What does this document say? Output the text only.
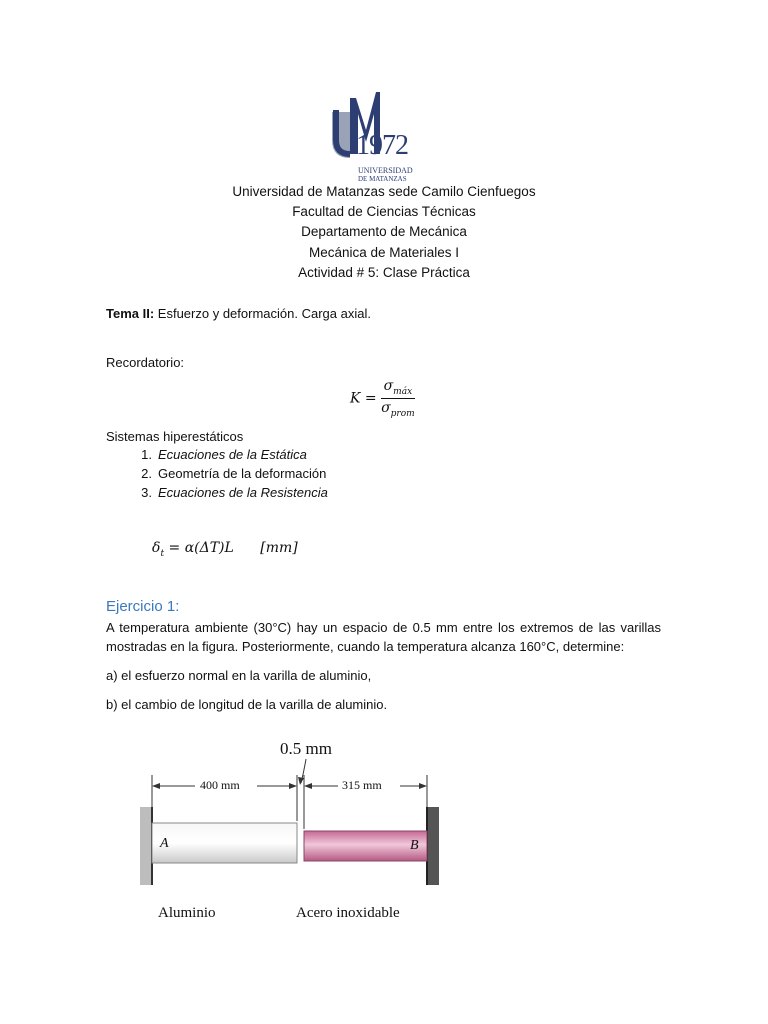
1972
UNIVERSIDAD
DE MATANZAS
Universidad de Matanzas sede Camilo Cienfuegos
Facultad de Ciencias Técnicas
Departamento de Mecánica
Mecánica de Materiales I
Actividad # 5: Clase Práctica
Tema II: Esfuerzo y deformación. Carga axial.
Recordatorio:
$K = \frac{\sigma_{máx}}{\sigma_{prom}}$
Sistemas hiperestáticos
1. Ecuaciones de la Estática
2. Geometría de la deformación
3. Ecuaciones de la Resistencia
$\delta_t = \alpha(\Delta T)L$ [mm]
Ejercicio 1:
A temperatura ambiente (30°C) hay un espacio de 0.5 mm entre los extremos de las varillas mostradas en la figura. Posteriormente, cuando la temperatura alcanza 160°C, determine:
a) el esfuerzo normal en la varilla de aluminio,
b) el cambio de longitud de la varilla de aluminio.
0.5 mm
400 mm	315 mm
A	B
Aluminio	Acero inoxidable
